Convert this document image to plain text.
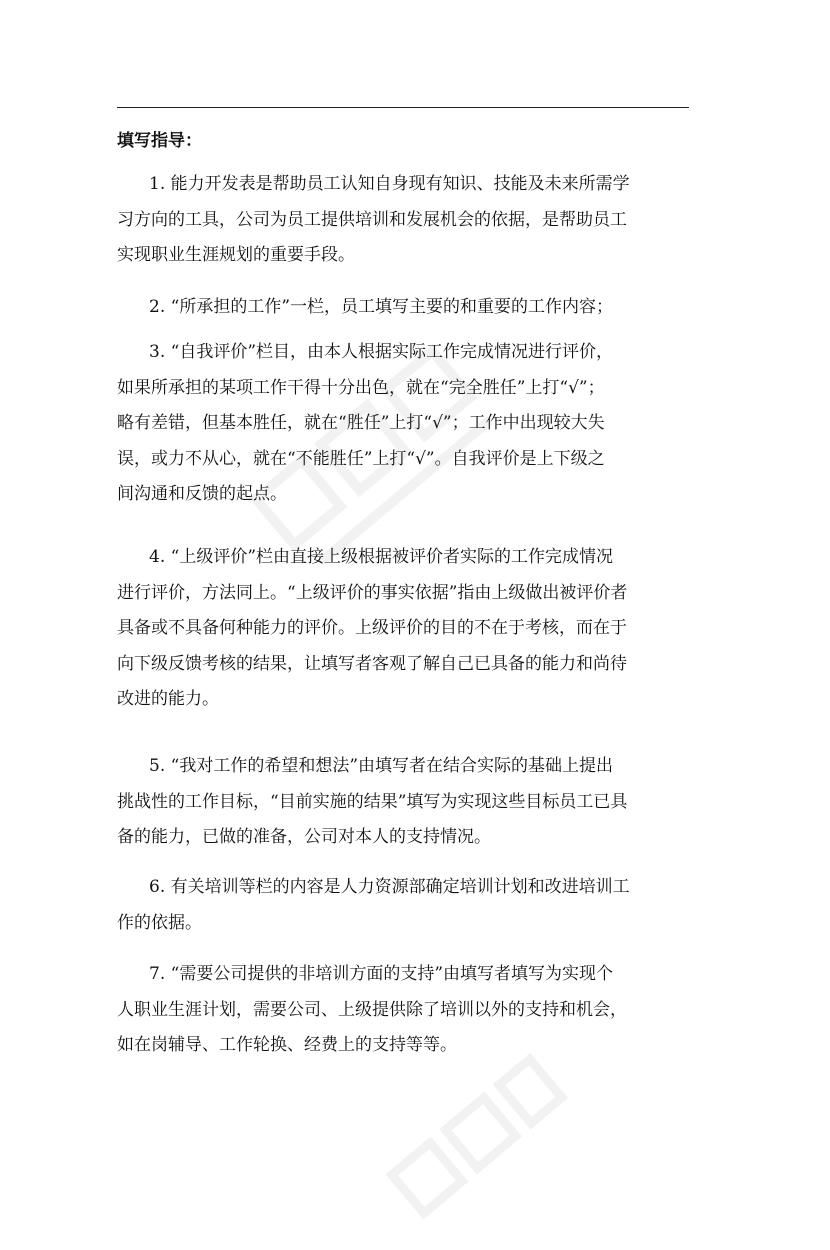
填写指导：
1. 能力开发表是帮助员工认知自身现有知识、技能及未来所需学
习方向的工具，公司为员工提供培训和发展机会的依据，是帮助员工
实现职业生涯规划的重要手段。
2. “所承担的工作”一栏，员工填写主要的和重要的工作内容；
3. “自我评价”栏目，由本人根据实际工作完成情况进行评价，
如果所承担的某项工作干得十分出色，就在“完全胜任”上打“√”；
略有差错，但基本胜任，就在“胜任”上打“√”；工作中出现较大失
误，或力不从心，就在“不能胜任”上打“√”。自我评价是上下级之
间沟通和反馈的起点。
4. “上级评价”栏由直接上级根据被评价者实际的工作完成情况
进行评价，方法同上。“上级评价的事实依据”指由上级做出被评价者
具备或不具备何种能力的评价。上级评价的目的不在于考核，而在于
向下级反馈考核的结果，让填写者客观了解自己已具备的能力和尚待
改进的能力。
5. “我对工作的希望和想法”由填写者在结合实际的基础上提出
挑战性的工作目标，“目前实施的结果”填写为实现这些目标员工已具
备的能力，已做的准备，公司对本人的支持情况。
6. 有关培训等栏的内容是人力资源部确定培训计划和改进培训工
作的依据。
7. “需要公司提供的非培训方面的支持”由填写者填写为实现个
人职业生涯计划，需要公司、上级提供除了培训以外的支持和机会，
如在岗辅导、工作轮换、经费上的支持等等。
